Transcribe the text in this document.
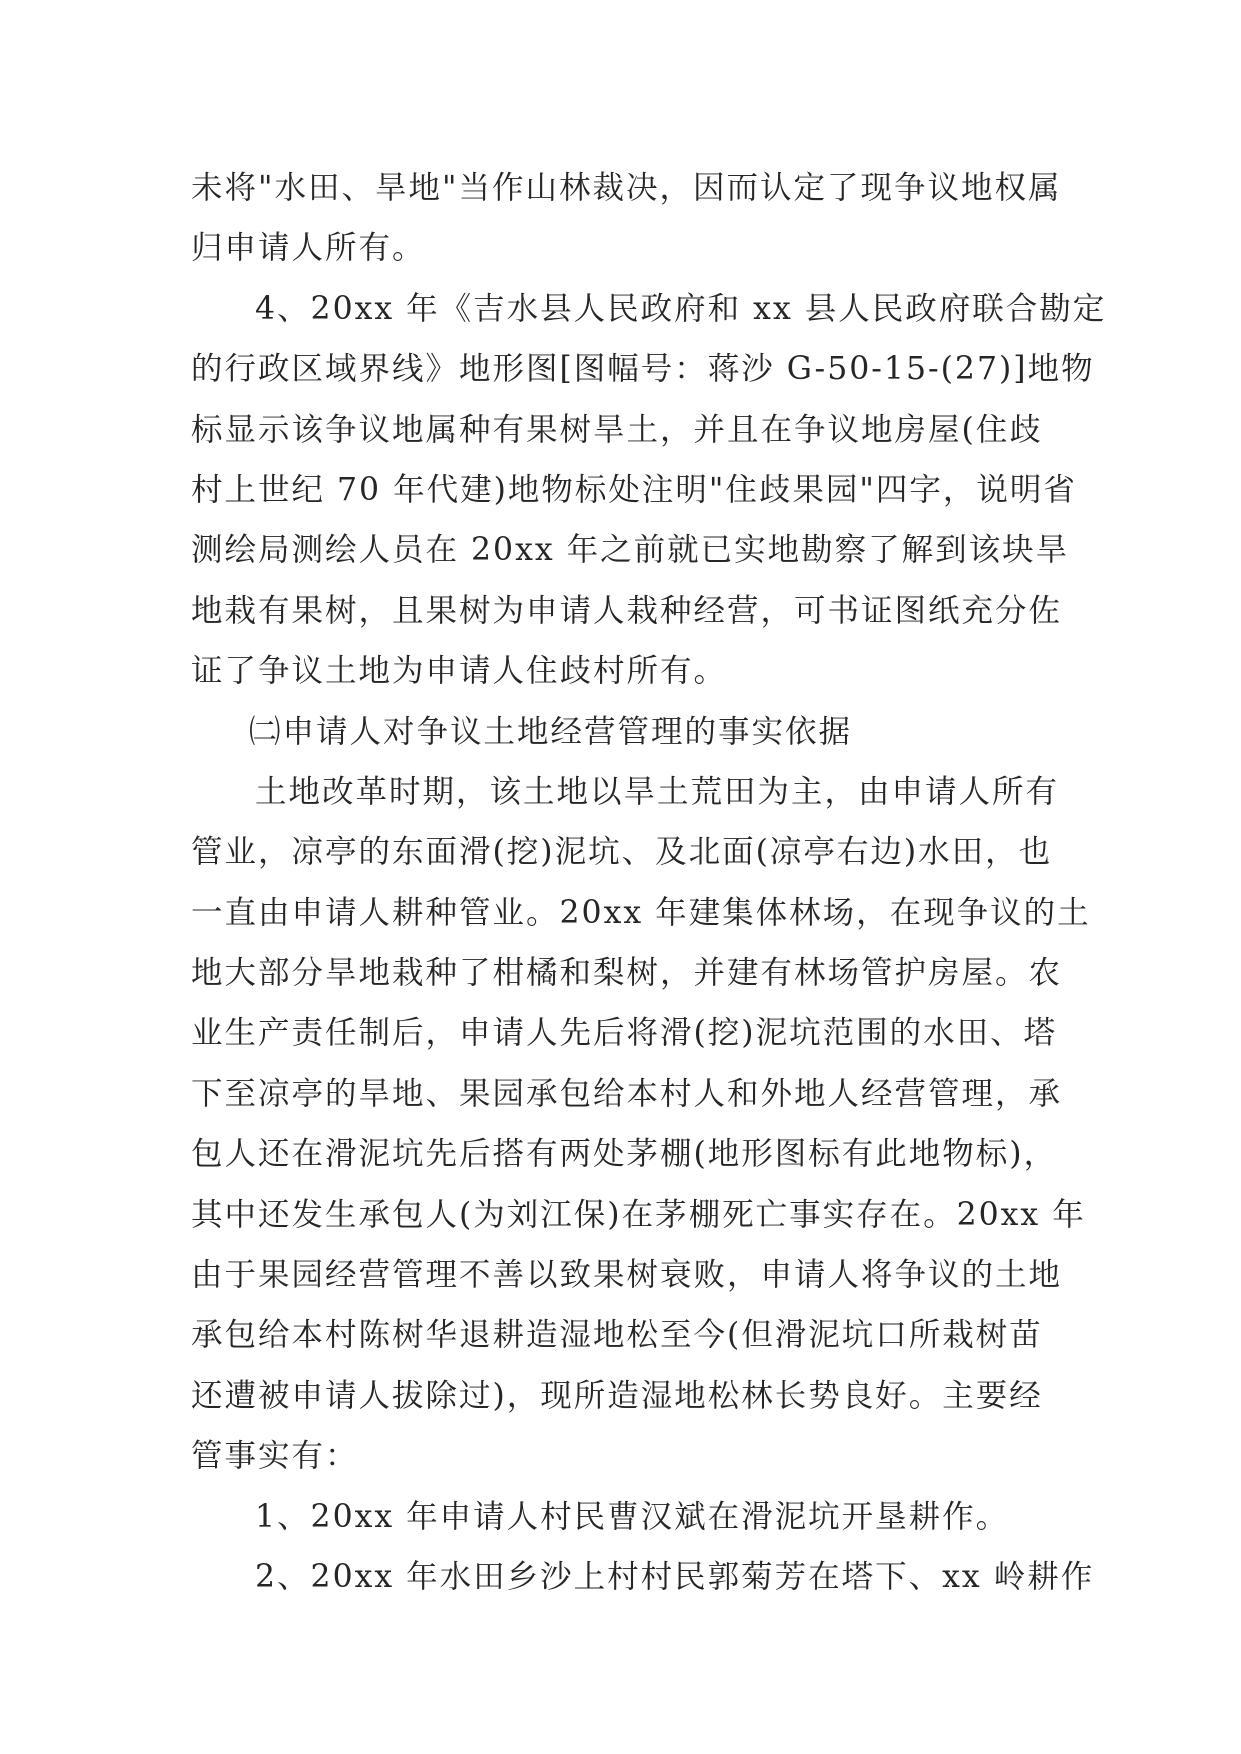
未将"水田、旱地"当作山林裁决，因而认定了现争议地权属
归申请人所有。
4、20xx 年《吉水县人民政府和 xx 县人民政府联合勘定
的行政区域界线》地形图[图幅号：蒋沙 G-50-15-(27)]地物
标显示该争议地属种有果树旱土，并且在争议地房屋(住歧
村上世纪 70 年代建)地物标处注明"住歧果园"四字，说明省
测绘局测绘人员在 20xx 年之前就已实地勘察了解到该块旱
地栽有果树，且果树为申请人栽种经营，可书证图纸充分佐
证了争议土地为申请人住歧村所有。
㈡申请人对争议土地经营管理的事实依据
土地改革时期，该土地以旱土荒田为主，由申请人所有
管业，凉亭的东面滑(挖)泥坑、及北面(凉亭右边)水田，也
一直由申请人耕种管业。20xx 年建集体林场，在现争议的土
地大部分旱地栽种了柑橘和梨树，并建有林场管护房屋。农
业生产责任制后，申请人先后将滑(挖)泥坑范围的水田、塔
下至凉亭的旱地、果园承包给本村人和外地人经营管理，承
包人还在滑泥坑先后搭有两处茅棚(地形图标有此地物标)，
其中还发生承包人(为刘江保)在茅棚死亡事实存在。20xx 年
由于果园经营管理不善以致果树衰败，申请人将争议的土地
承包给本村陈树华退耕造湿地松至今(但滑泥坑口所栽树苗
还遭被申请人拔除过)，现所造湿地松林长势良好。主要经
管事实有：
1、20xx 年申请人村民曹汉斌在滑泥坑开垦耕作。
2、20xx 年水田乡沙上村村民郭菊芳在塔下、xx 岭耕作
